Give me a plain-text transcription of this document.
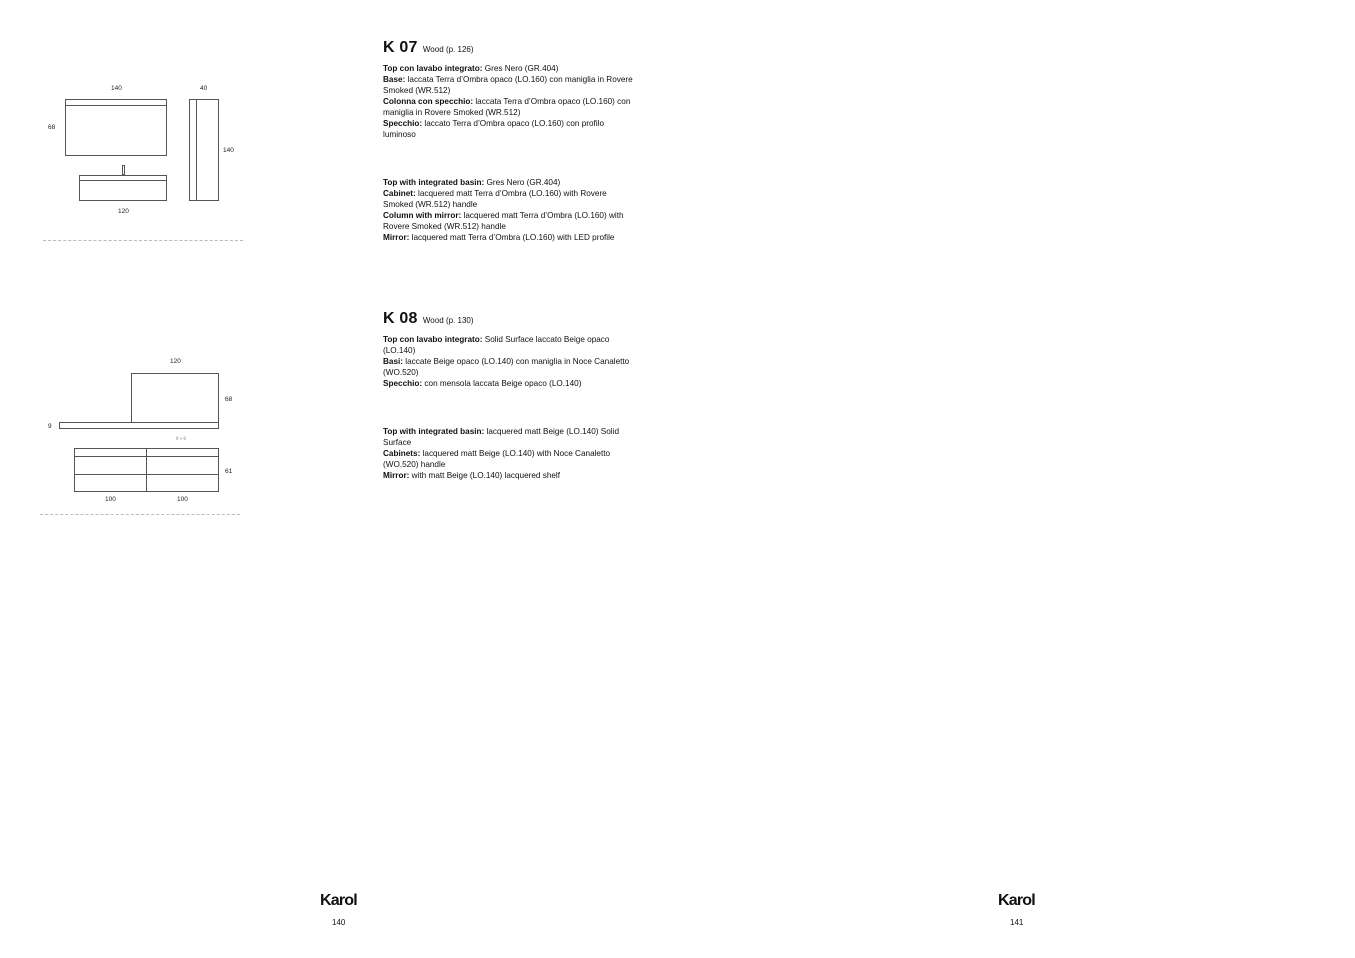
140	40
68
140
120
120
68
9
61
100	100
◊○◊
K 07 Wood (p. 126)
Top con lavabo integrato: Gres Nero (GR.404)
Base: laccata Terra d’Ombra opaco (LO.160) con maniglia in Rovere Smoked (WR.512)
Colonna con specchio: laccata Terra d’Ombra opaco (LO.160) con maniglia in Rovere Smoked (WR.512)
Specchio: laccato Terra d’Ombra opaco (LO.160) con profilo luminoso
Top with integrated basin: Gres Nero (GR.404)
Cabinet: lacquered matt Terra d’Ombra (LO.160) with Rovere Smoked (WR.512) handle
Column with mirror: lacquered matt Terra d’Ombra (LO.160) with Rovere Smoked (WR.512) handle
Mirror: lacquered matt Terra d’Ombra (LO.160) with LED profile
K 08 Wood (p. 130)
Top con lavabo integrato: Solid Surface laccato Beige opaco (LO.140)
Basi: laccate Beige opaco (LO.140) con maniglia in Noce Canaletto (WO.520)
Specchio: con mensola laccata Beige opaco (LO.140)
Top with integrated basin: lacquered matt Beige (LO.140) Solid Surface
Cabinets: lacquered matt Beige (LO.140) with Noce Canaletto (WO.520) handle
Mirror: with matt Beige (LO.140) lacquered shelf
Karol
140
Karol
141
